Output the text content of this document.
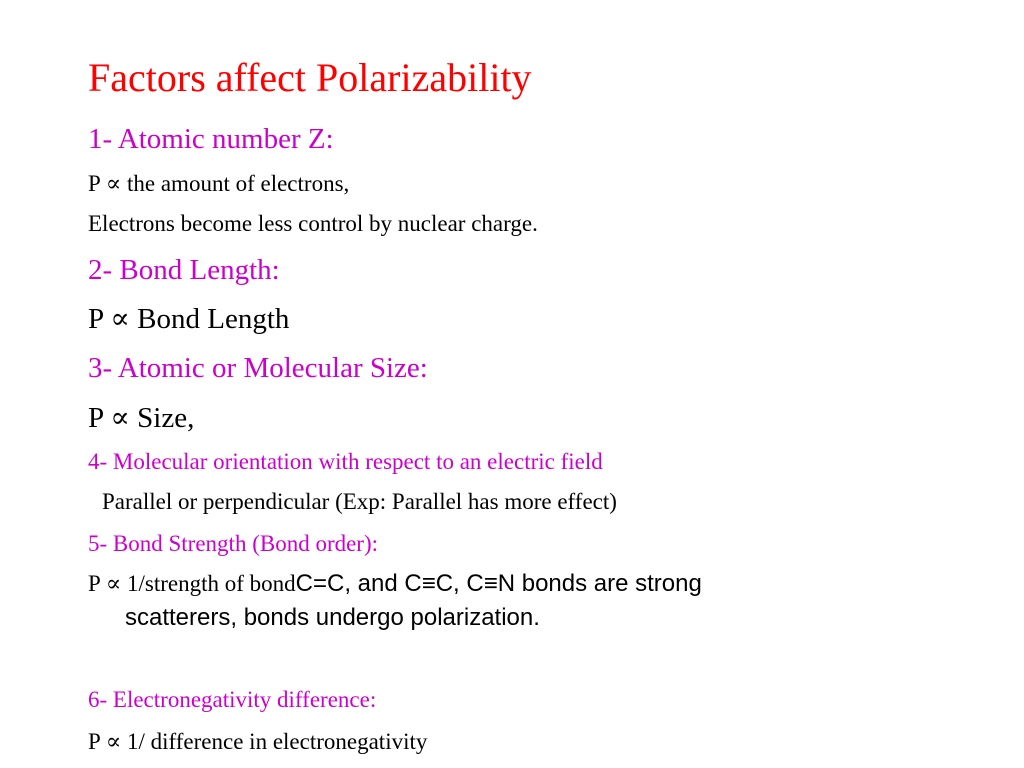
Factors affect Polarizability
1- Atomic number Z:
P ∝ the amount of electrons,
Electrons become less control by nuclear charge.
2- Bond Length:
P ∝ Bond Length
3- Atomic or Molecular Size:
P ∝ Size,
4- Molecular orientation with respect to an electric field
Parallel or perpendicular (Exp: Parallel has more effect)
5- Bond Strength (Bond order):
P ∝ 1/strength of bondC=C, and C≡C, C≡N bonds are strong
scatterers, bonds undergo polarization.
6- Electronegativity difference:
P ∝ 1/ difference in electronegativity
